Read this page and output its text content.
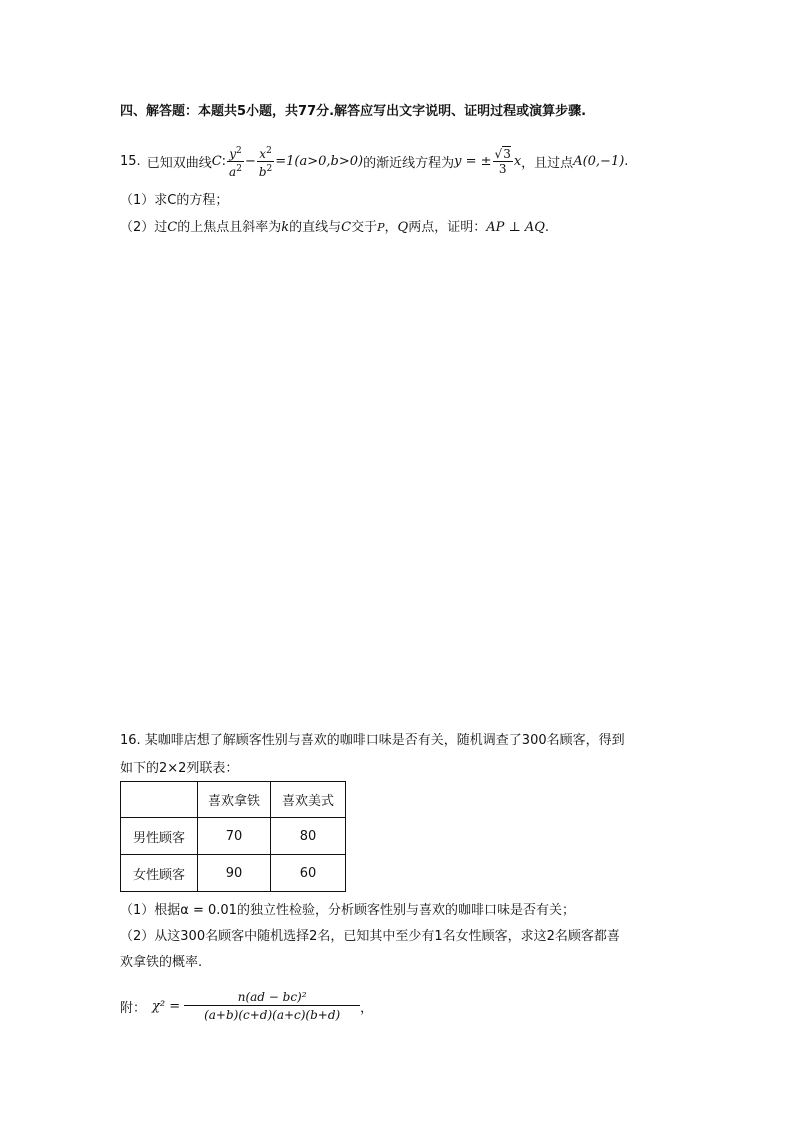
四、解答题：本题共5小题，共77分.解答应写出文字说明、证明过程或演算步骤.
15. 已知双曲线 C : $\frac{y^2}{a^2} - \frac{x^2}{b^2} =1(a>0,b>0)$ 的渐近线方程为 y = ± $\frac{√3}{3}$ x ，且过点 A(0,−1) .
（1）求C的方程；
（2）过C的上焦点且斜率为k的直线与C交于P，Q两点，证明：AP ⊥ AQ.
16. 某咖啡店想了解顾客性别与喜欢的咖啡口味是否有关，随机调查了300名顾客，得到
如下的2×2列联表：
	喜欢拿铁	喜欢美式
男性顾客	70	80
女性顾客	90	60
（1）根据α = 0.01的独立性检验，分析顾客性别与喜欢的咖啡口味是否有关；
（2）从这300名顾客中随机选择2名，已知其中至少有1名女性顾客，求这2名顾客都喜
欢拿铁的概率.
附： $\chi^2 = \frac{\text{n(ad − bc)²}}{(a+b)(c+d)(a+c)(b+d)}$ ，
